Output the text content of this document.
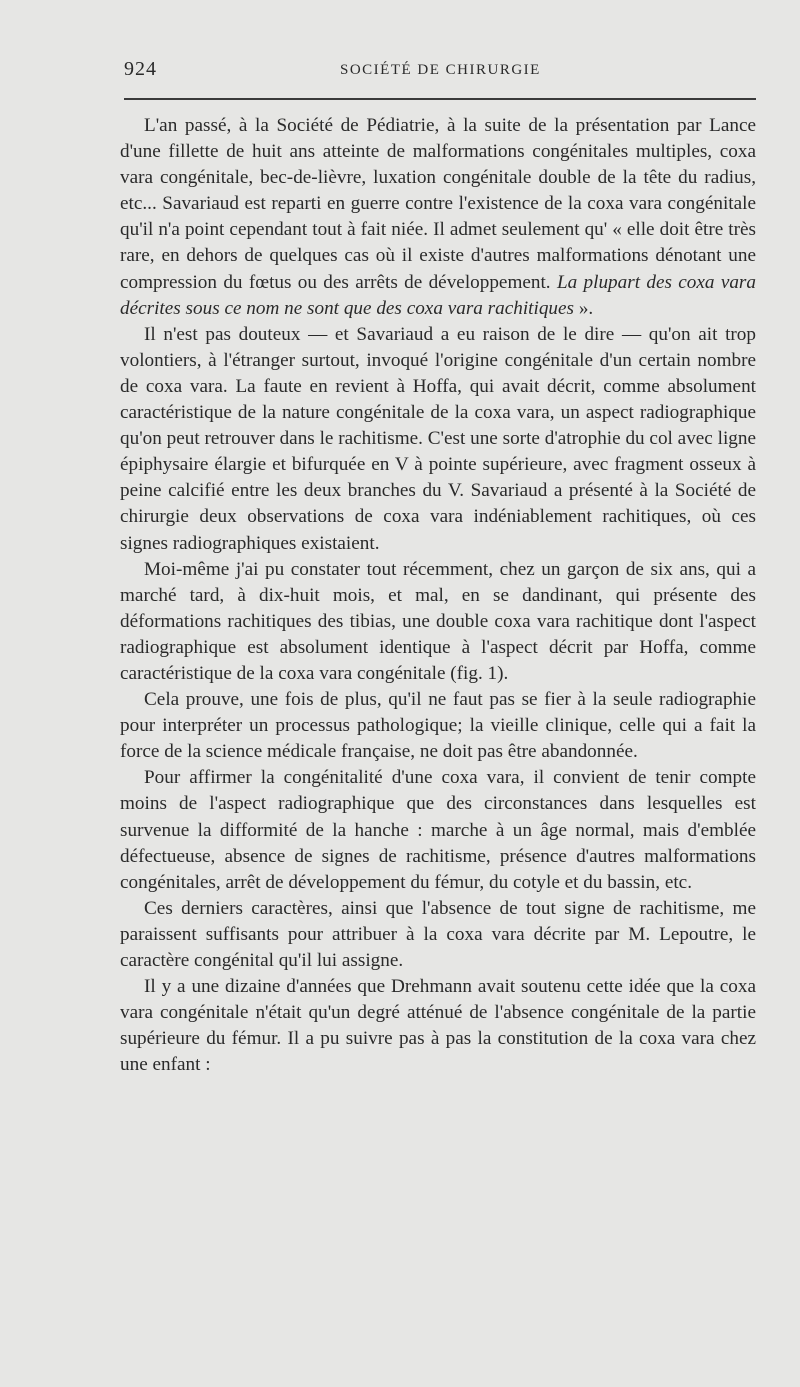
924	SOCIÉTÉ DE CHIRURGIE

L'an passé, à la Société de Pédiatrie, à la suite de la présentation par Lance d'une fillette de huit ans atteinte de malformations congénitales multiples, coxa vara congénitale, bec-de-lièvre, luxation congénitale double de la tête du radius, etc... Savariaud est reparti en guerre contre l'existence de la coxa vara congénitale qu'il n'a point cependant tout à fait niée. Il admet seulement qu' « elle doit être très rare, en dehors de quelques cas où il existe d'autres malformations dénotant une compression du fœtus ou des arrêts de développement. La plupart des coxa vara décrites sous ce nom ne sont que des coxa vara rachitiques ».

Il n'est pas douteux — et Savariaud a eu raison de le dire — qu'on ait trop volontiers, à l'étranger surtout, invoqué l'origine congénitale d'un certain nombre de coxa vara. La faute en revient à Hoffa, qui avait décrit, comme absolument caractéristique de la nature congénitale de la coxa vara, un aspect radiographique qu'on peut retrouver dans le rachitisme. C'est une sorte d'atrophie du col avec ligne épiphysaire élargie et bifurquée en V à pointe supérieure, avec fragment osseux à peine calcifié entre les deux branches du V. Savariaud a présenté à la Société de chirurgie deux observations de coxa vara indéniablement rachitiques, où ces signes radiographiques existaient.

Moi-même j'ai pu constater tout récemment, chez un garçon de six ans, qui a marché tard, à dix-huit mois, et mal, en se dandinant, qui présente des déformations rachitiques des tibias, une double coxa vara rachitique dont l'aspect radiographique est absolument identique à l'aspect décrit par Hoffa, comme caractéristique de la coxa vara congénitale (fig. 1).

Cela prouve, une fois de plus, qu'il ne faut pas se fier à la seule radiographie pour interpréter un processus pathologique; la vieille clinique, celle qui a fait la force de la science médicale française, ne doit pas être abandonnée.

Pour affirmer la congénitalité d'une coxa vara, il convient de tenir compte moins de l'aspect radiographique que des circonstances dans lesquelles est survenue la difformité de la hanche : marche à un âge normal, mais d'emblée défectueuse, absence de signes de rachitisme, présence d'autres malformations congénitales, arrêt de développement du fémur, du cotyle et du bassin, etc.

Ces derniers caractères, ainsi que l'absence de tout signe de rachitisme, me paraissent suffisants pour attribuer à la coxa vara décrite par M. Lepoutre, le caractère congénital qu'il lui assigne.

Il y a une dizaine d'années que Drehmann avait soutenu cette idée que la coxa vara congénitale n'était qu'un degré atténué de l'absence congénitale de la partie supérieure du fémur. Il a pu suivre pas à pas la constitution de la coxa vara chez une enfant :
